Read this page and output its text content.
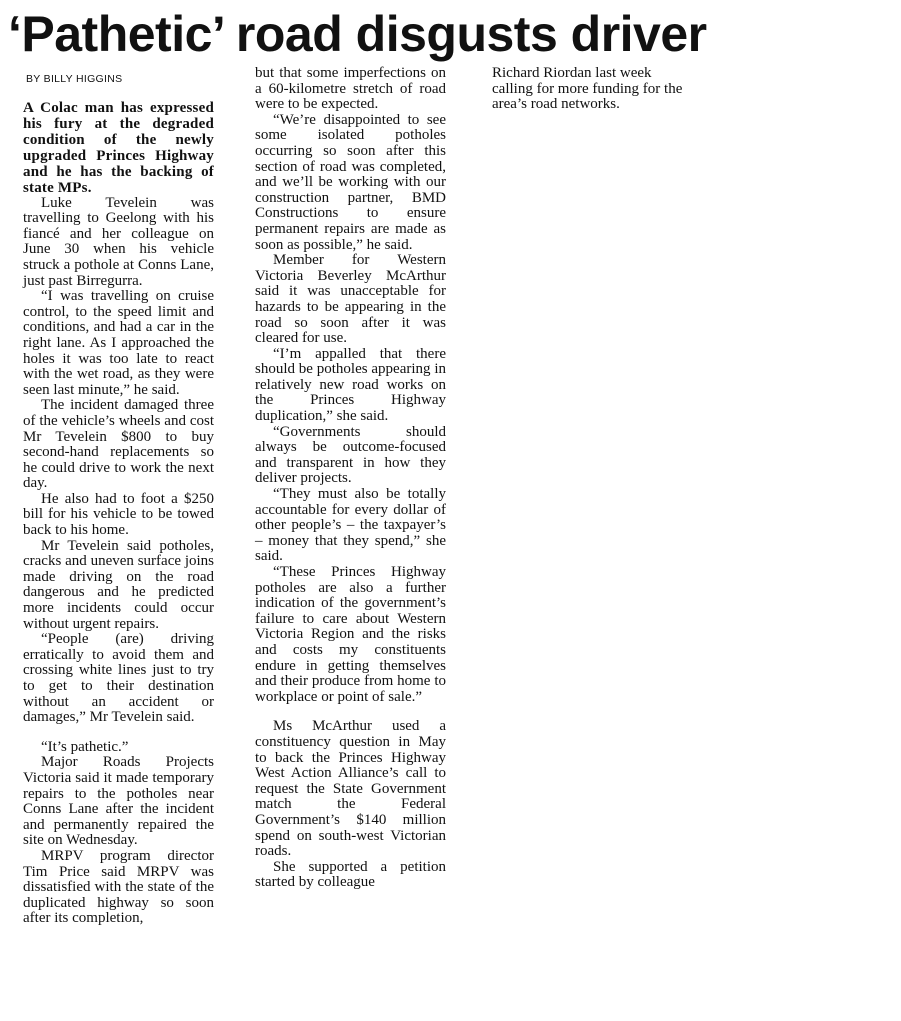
‘Pathetic’ road disgusts driver
BY BILLY HIGGINS

A Colac man has expressed his fury at the degraded condition of the newly upgraded Princes Highway and he has the backing of state MPs.

Luke Tevelein was travelling to Geelong with his fiancé and her colleague on June 30 when his vehicle struck a pothole at Conns Lane, just past Birregurra.

“I was travelling on cruise control, to the speed limit and conditions, and had a car in the right lane. As I approached the holes it was too late to react with the wet road, as they were seen last minute,” he said.

The incident damaged three of the vehicle’s wheels and cost Mr Tevelein $800 to buy second-hand replacements so he could drive to work the next day.

He also had to foot a $250 bill for his vehicle to be towed back to his home.

Mr Tevelein said potholes, cracks and uneven surface joins made driving on the road dangerous and he predicted more incidents could occur without urgent repairs.

“People (are) driving erratically to avoid them and crossing white lines just to try to get to their destination without an accident or damages,” Mr Tevelein said.

“It’s pathetic.”

Major Roads Projects Victoria said it made temporary repairs to the potholes near Conns Lane after the incident and permanently repaired the site on Wednesday.

MRPV program director Tim Price said MRPV was dissatisfied with the state of the duplicated highway so soon after its completion,

but that some imperfections on a 60-kilometre stretch of road were to be expected.

“We’re disappointed to see some isolated potholes occurring so soon after this section of road was completed, and we’ll be working with our construction partner, BMD Constructions to ensure permanent repairs are made as soon as possible,” he said.

Member for Western Victoria Beverley McArthur said it was unacceptable for hazards to be appearing in the road so soon after it was cleared for use.

“I’m appalled that there should be potholes appearing in relatively new road works on the Princes Highway duplication,” she said.

“Governments should always be outcome-focused and transparent in how they deliver projects.

“They must also be totally accountable for every dollar of other people’s – the taxpayer’s – money that they spend,” she said.

“These Princes Highway potholes are also a further indication of the government’s failure to care about Western Victoria Region and the risks and costs my constituents endure in getting themselves and their produce from home to workplace or point of sale.”

Ms McArthur used a constituency question in May to back the Princes Highway West Action Alliance’s call to request the State Government match the Federal Government’s $140 million spend on south-west Victorian roads.

She supported a petition started by colleague

Richard Riordan last week calling for more funding for the area’s road networks.
